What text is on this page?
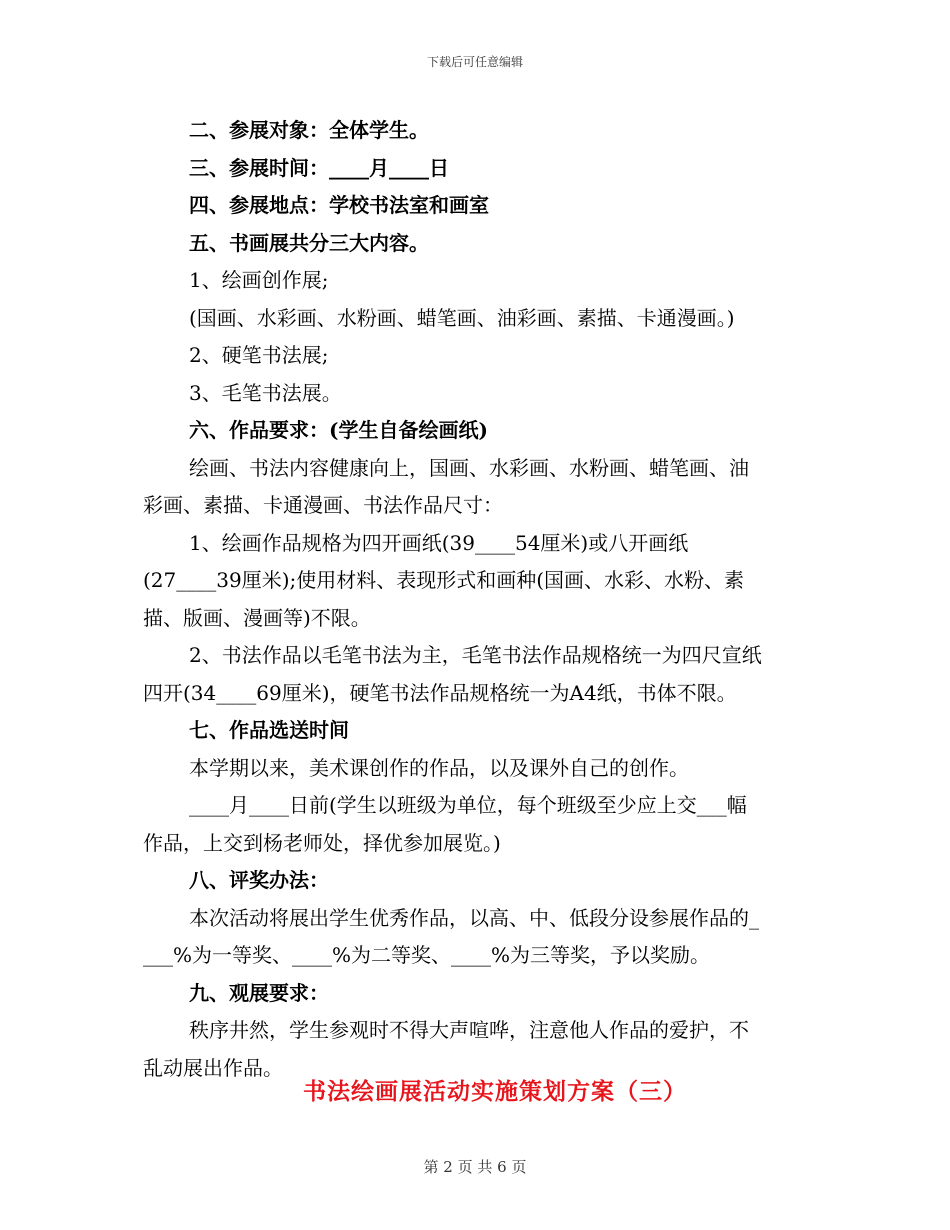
下载后可任意编辑
二、参展对象：全体学生。
三、参展时间：____月____日
四、参展地点：学校书法室和画室
五、书画展共分三大内容。
1、绘画创作展;
(国画、水彩画、水粉画、蜡笔画、油彩画、素描、卡通漫画。)
2、硬笔书法展;
3、毛笔书法展。
六、作品要求：(学生自备绘画纸)
绘画、书法内容健康向上，国画、水彩画、水粉画、蜡笔画、油
彩画、素描、卡通漫画、书法作品尺寸：
1、绘画作品规格为四开画纸(39____54厘米)或八开画纸
(27____39厘米);使用材料、表现形式和画种(国画、水彩、水粉、素
描、版画、漫画等)不限。
2、书法作品以毛笔书法为主，毛笔书法作品规格统一为四尺宣纸
四开(34____69厘米)，硬笔书法作品规格统一为A4纸，书体不限。
七、作品选送时间
本学期以来，美术课创作的作品，以及课外自己的创作。
____月____日前(学生以班级为单位，每个班级至少应上交___幅
作品，上交到杨老师处，择优参加展览。)
八、评奖办法：
本次活动将展出学生优秀作品，以高、中、低段分设参展作品的_
___%为一等奖、____%为二等奖、____%为三等奖，予以奖励。
九、观展要求：
秩序井然，学生参观时不得大声喧哗，注意他人作品的爱护，不
乱动展出作品。
书法绘画展活动实施策划方案（三）
第 2 页 共 6 页
